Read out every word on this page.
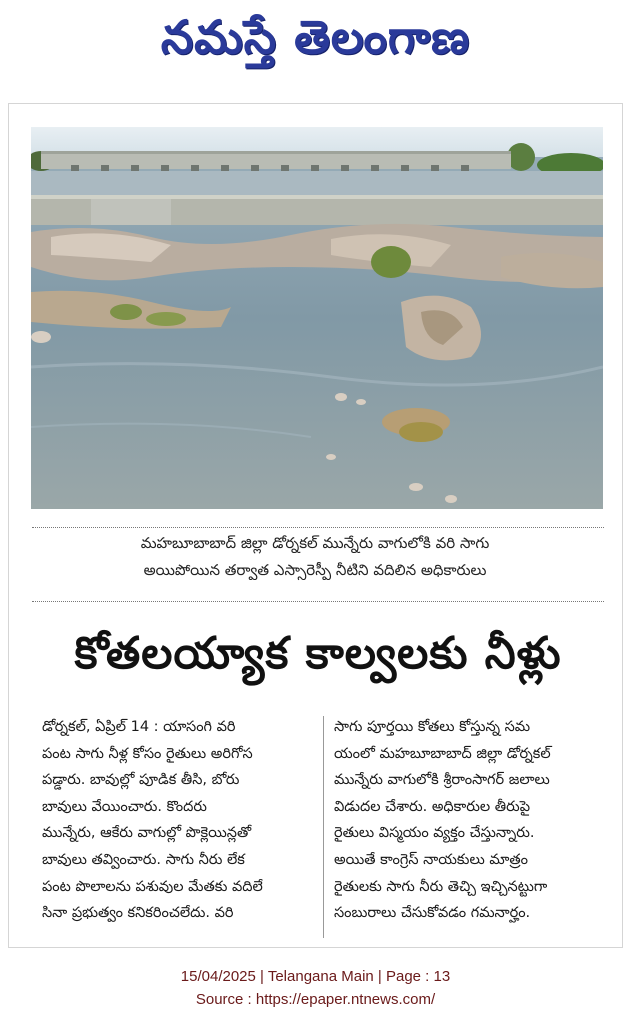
నమస్తే తెలంగాణ
మహబూబాబాద్ జిల్లా డోర్నకల్ మున్నేరు వాగులోకి వరి సాగు
అయిపోయిన తర్వాత ఎస్సారెస్పీ నీటిని వదిలిన అధికారులు
కోతలయ్యాక కాల్వలకు నీళ్లు
డోర్నకల్, ఏప్రిల్ 14 : యాసంగి వరి
పంట సాగు నీళ్ల కోసం రైతులు అరిగోస
పడ్డారు. బావుల్లో పూడిక తీసి, బోరు
బావులు వేయించారు. కొందరు
మున్నేరు, ఆకేరు వాగుల్లో పొక్లెయిన్లతో
బావులు తవ్వించారు. సాగు నీరు లేక
పంట పొలాలను పశువుల మేతకు వదిలే
సినా ప్రభుత్వం కనికరించలేదు. వరి
సాగు పూర్తయి కోతలు కోస్తున్న సమ
యంలో మహబూబాబాద్ జిల్లా డోర్నకల్
మున్నేరు వాగులోకి శ్రీరాంసాగర్ జలాలు
విడుదల చేశారు. అధికారుల తీరుపై
రైతులు విస్మయం వ్యక్తం చేస్తున్నారు.
అయితే కాంగ్రెస్ నాయకులు మాత్రం
రైతులకు సాగు నీరు తెచ్చి ఇచ్చినట్టుగా
సంబురాలు చేసుకోవడం గమనార్హం.
15/04/2025 | Telangana Main | Page : 13
Source : https://epaper.ntnews.com/
